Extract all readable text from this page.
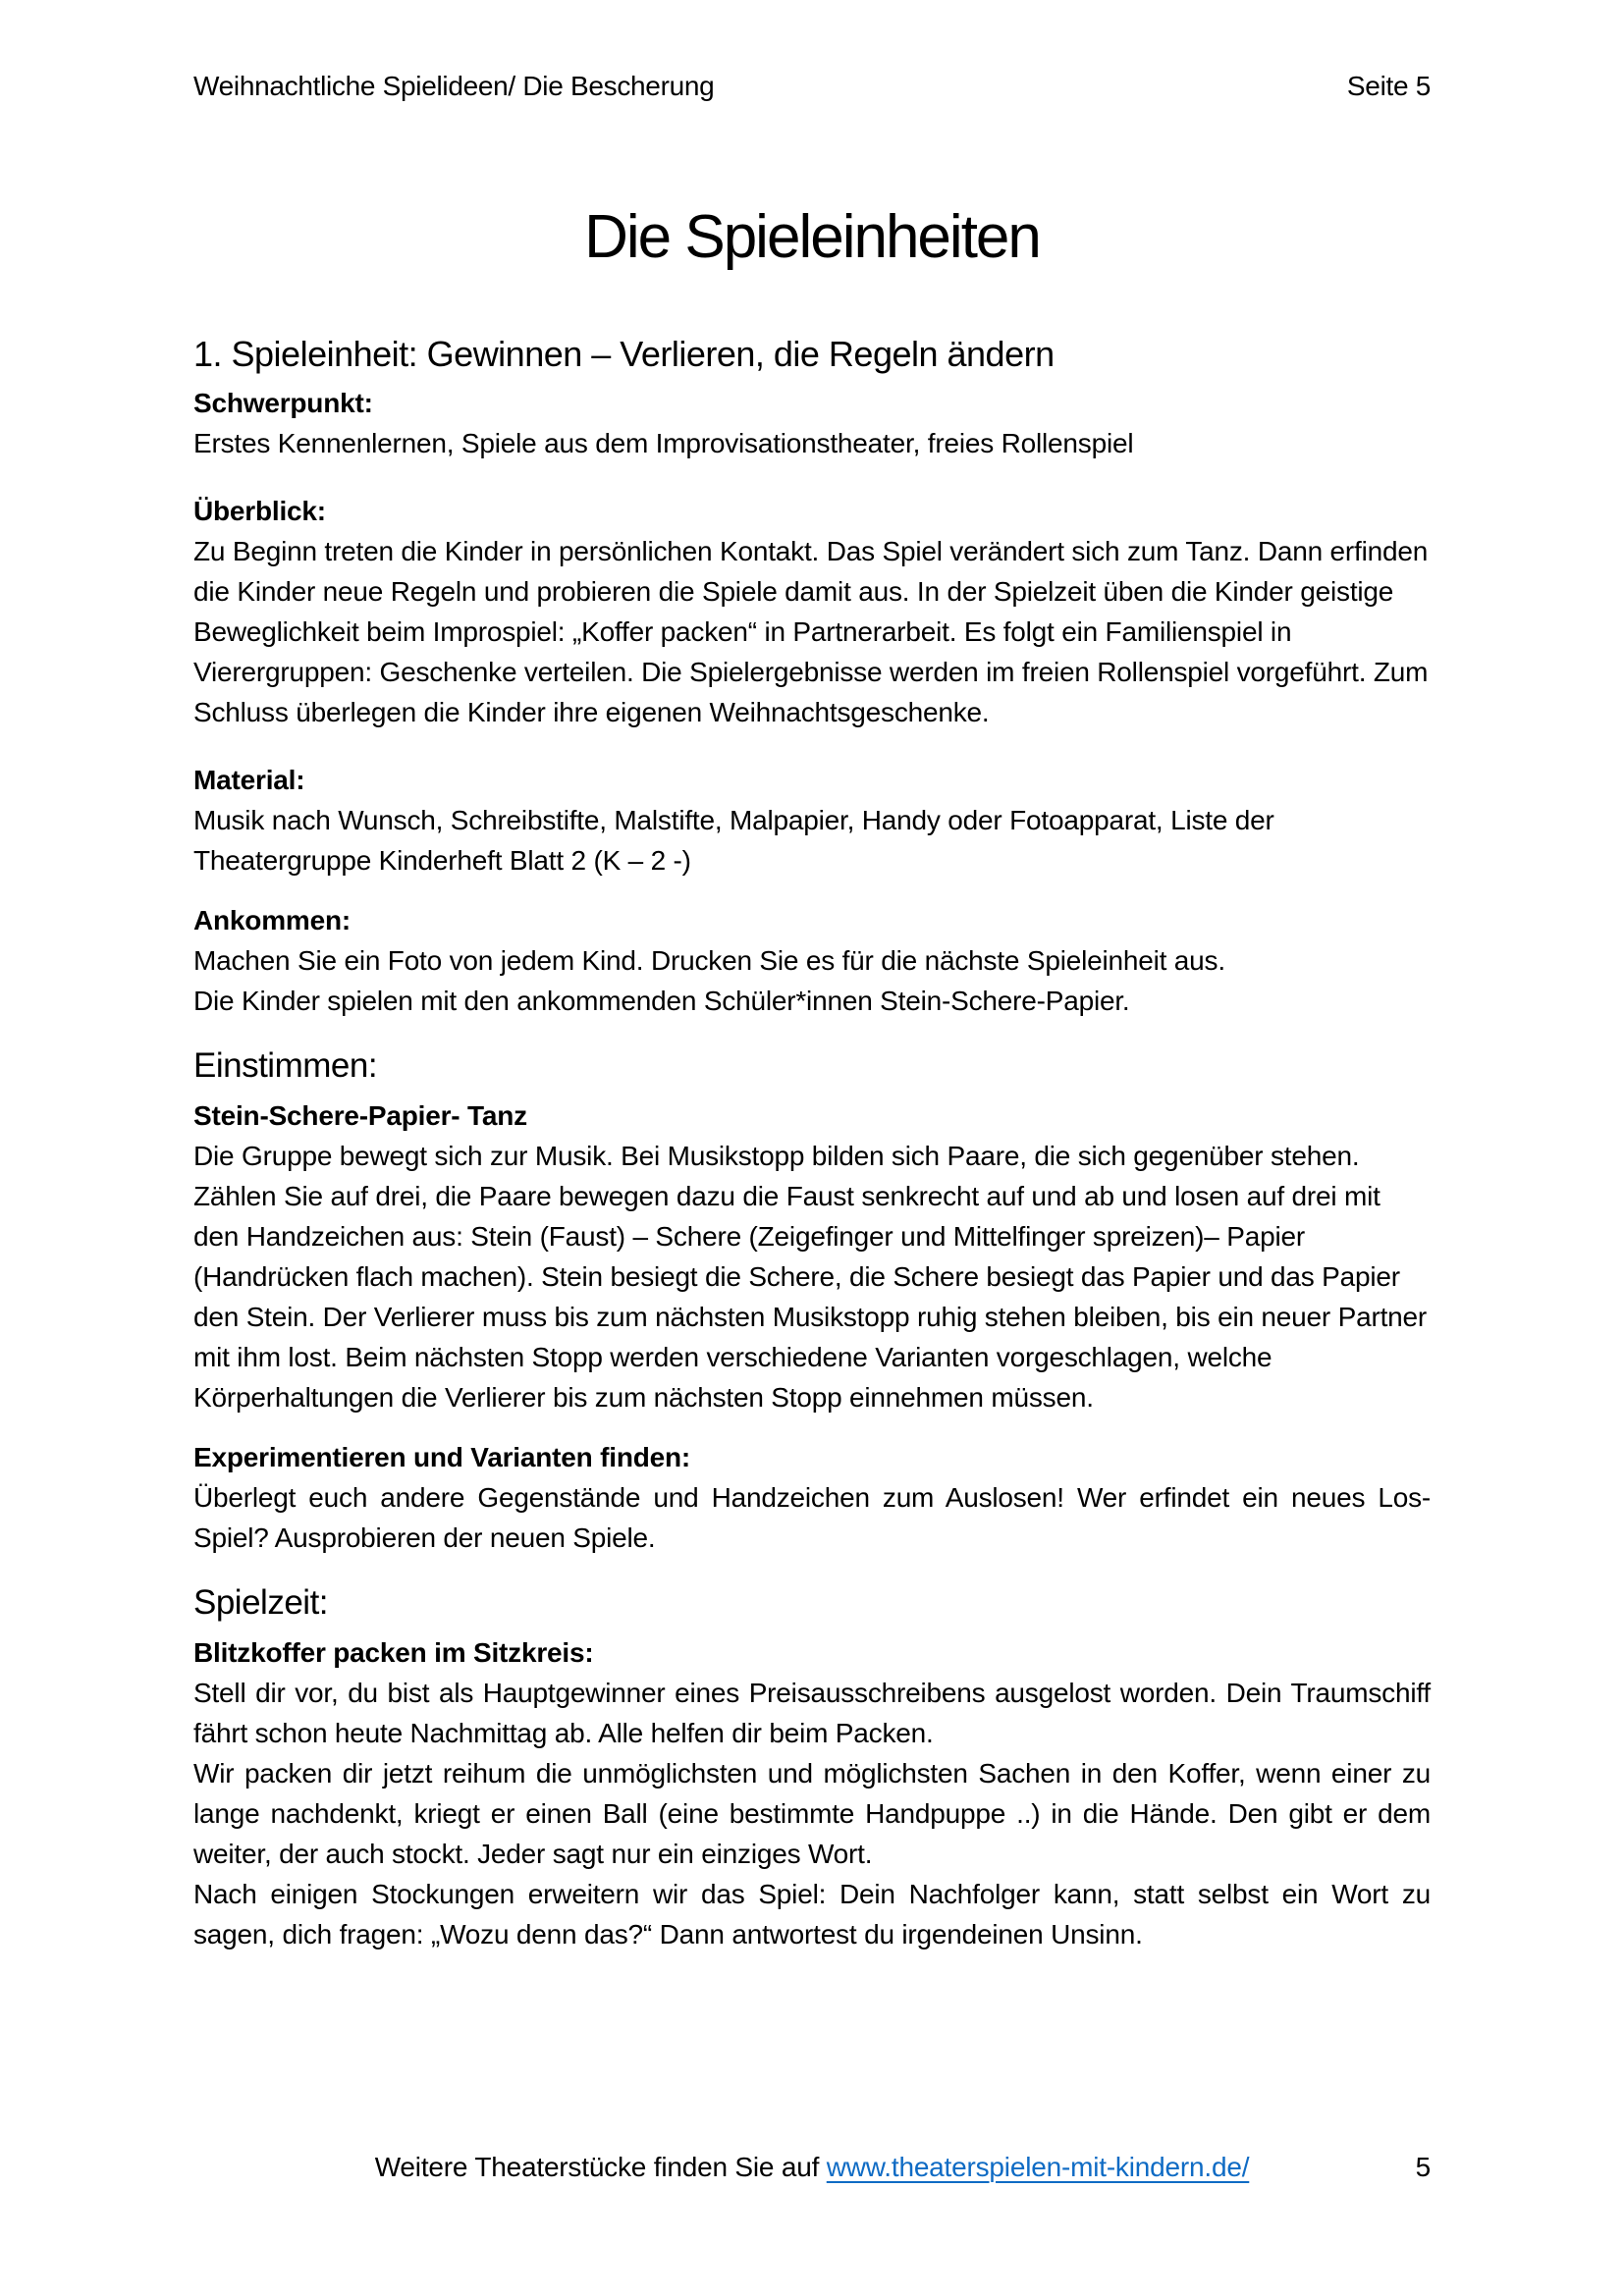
Weihnachtliche Spielideen/ Die Bescherung	Seite 5
Die Spieleinheiten
1. Spieleinheit: Gewinnen – Verlieren, die Regeln ändern
Schwerpunkt:

Erstes Kennenlernen, Spiele aus dem Improvisationstheater, freies Rollenspiel

Überblick:

Zu Beginn treten die Kinder in persönlichen Kontakt. Das Spiel verändert sich zum Tanz. Dann erfinden die Kinder neue Regeln und probieren die Spiele damit aus. In der Spielzeit üben die Kinder geistige Beweglichkeit beim Improspiel: „Koffer packen“ in Partnerarbeit. Es folgt ein Familienspiel in Vierergruppen: Geschenke verteilen. Die Spielergebnisse werden im freien Rollenspiel vorgeführt. Zum Schluss überlegen die Kinder ihre eigenen Weihnachtsgeschenke.

Material:

Musik nach Wunsch, Schreibstifte, Malstifte, Malpapier, Handy oder Fotoapparat, Liste der Theatergruppe Kinderheft Blatt 2 (K – 2 -)

Ankommen:

Machen Sie ein Foto von jedem Kind. Drucken Sie es für die nächste Spieleinheit aus.

Die Kinder spielen mit den ankommenden Schüler*innen Stein-Schere-Papier.

Einstimmen:
Stein-Schere-Papier- Tanz

Die Gruppe bewegt sich zur Musik. Bei Musikstopp bilden sich Paare, die sich gegenüber stehen. Zählen Sie auf drei, die Paare bewegen dazu die Faust senkrecht auf und ab und losen auf drei mit den Handzeichen aus: Stein (Faust) – Schere (Zeigefinger und Mittelfinger spreizen)– Papier (Handrücken flach machen). Stein besiegt die Schere, die Schere besiegt das Papier und das Papier den Stein. Der Verlierer muss bis zum nächsten Musikstopp ruhig stehen bleiben, bis ein neuer Partner mit ihm lost. Beim nächsten Stopp werden verschiedene Varianten vorgeschlagen, welche Körperhaltungen die Verlierer bis zum nächsten Stopp einnehmen müssen.

Experimentieren und Varianten finden:

Überlegt euch andere Gegenstände und Handzeichen zum Auslosen! Wer erfindet ein neues Los-Spiel? Ausprobieren der neuen Spiele.

Spielzeit:
Blitzkoffer packen im Sitzkreis:

Stell dir vor, du bist als Hauptgewinner eines Preisausschreibens ausgelost worden. Dein Traumschiff fährt schon heute Nachmittag ab. Alle helfen dir beim Packen.

Wir packen dir jetzt reihum die unmöglichsten und möglichsten Sachen in den Koffer, wenn einer zu lange nachdenkt, kriegt er einen Ball (eine bestimmte Handpuppe ..) in die Hände. Den gibt er dem weiter, der auch stockt. Jeder sagt nur ein einziges Wort.

Nach einigen Stockungen erweitern wir das Spiel: Dein Nachfolger kann, statt selbst ein Wort zu sagen, dich fragen: „Wozu denn das?“ Dann antwortest du irgendeinen Unsinn.

Weitere Theaterstücke finden Sie auf www.theaterspielen-mit-kindern.de/	5
